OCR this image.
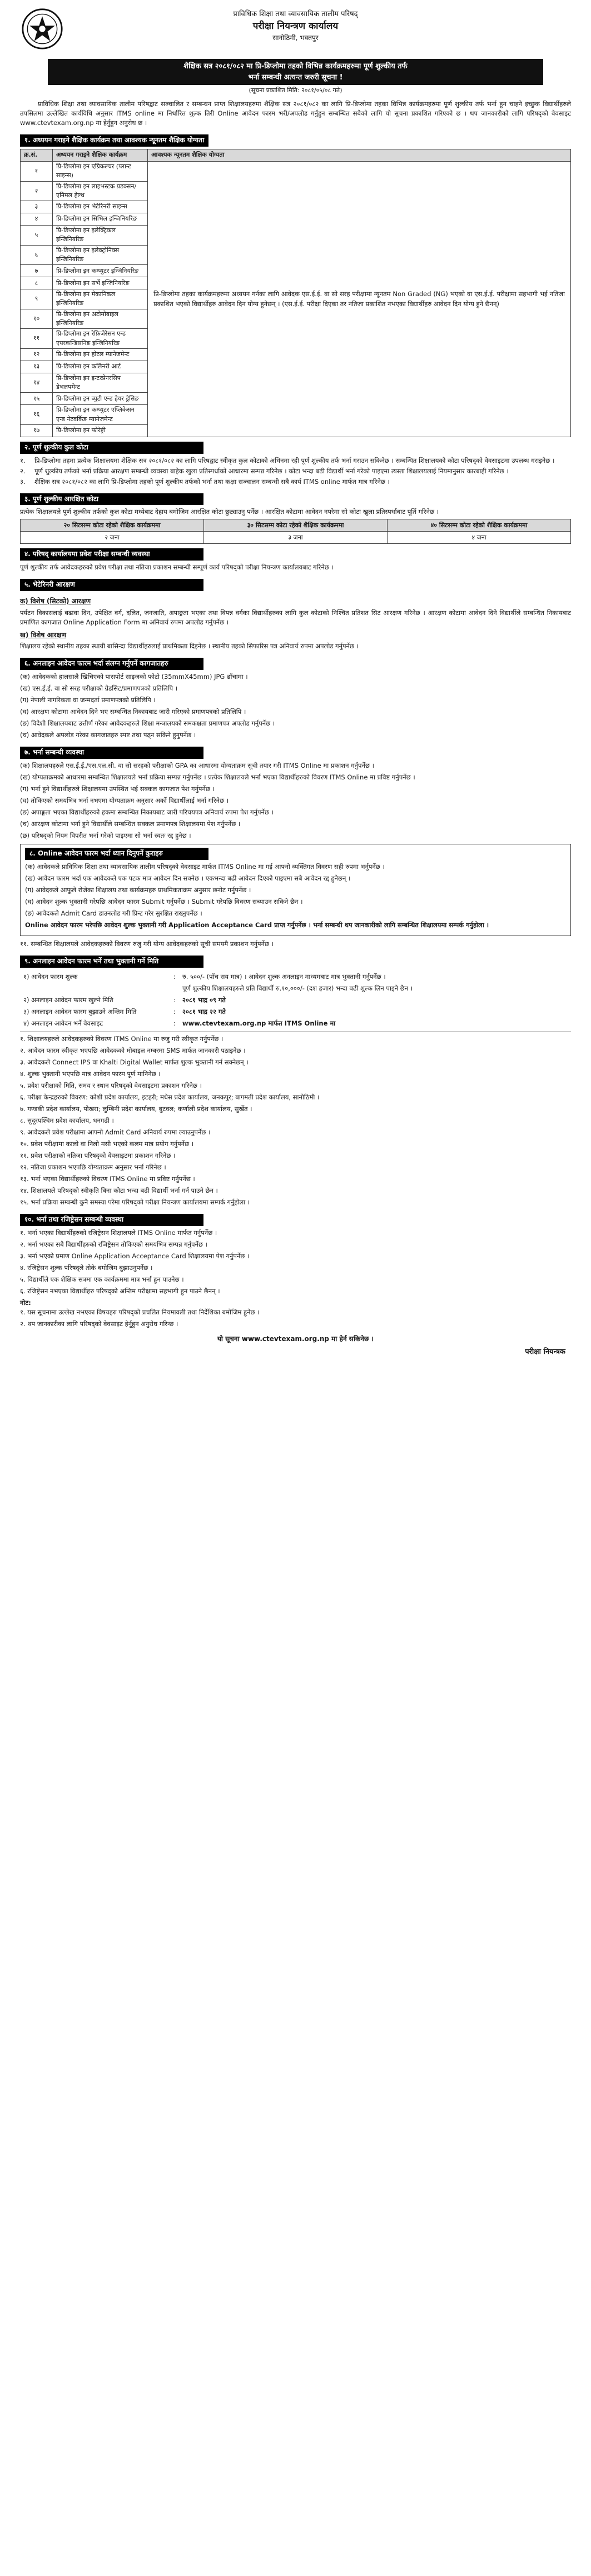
प्राविधिक शिक्षा तथा व्यावसायिक तालीम परिषद्
परीक्षा नियन्त्रण कार्यालय
सानोठिमी, भक्तपुर
शैक्षिक सत्र २०८१/०८२ मा प्रि-डिप्लोमा तहको विभिन्न कार्यक्रमहरुमा पूर्ण शुल्कीय तर्फ
भर्ना सम्बन्धी अत्यन्त जरुरी सूचना !
(सूचना प्रकाशित मिति: २०८१/०५/०८ गते)

प्राविधिक शिक्षा तथा व्यावसायिक तालीम परिषद्बाट सञ्चालित र सम्बन्धन प्राप्त शिक्षालयहरुमा शैक्षिक सत्र २०८१/०८२ का लागि प्रि-डिप्लोमा तहका विभिन्न कार्यक्रमहरुमा पूर्ण शुल्कीय तर्फ भर्ना हुन चाहने इच्छुक विद्यार्थीहरुले तपसिलमा उल्लेखित कार्यविधि अनुसार ITMS online मा निर्धारित शुल्क तिरी Online आवेदन फारम भरी/अपलोड गर्नुहुन सम्बन्धित सबैको लागि यो सूचना प्रकाशित गरिएको छ । थप जानकारीको लागि परिषद्को वेवसाइट www.ctevtexam.org.np मा हेर्नुहुन अनुरोध छ ।

१. अध्ययन गराइने शैक्षिक कार्यक्रम तथा आवश्यक न्यूनतम शैक्षिक योग्यता
क्र.सं.	अध्ययन गराइने शैक्षिक कार्यक्रम	आवश्यक न्यूनतम शैक्षिक योग्यता
१	प्रि-डिप्लोमा इन एग्रिकल्चर (प्लान्ट साइन्स)	प्रि-डिप्लोमा तहका कार्यक्रमहरुमा अध्ययन गर्नका लागि आवेदक एस.ई.ई. वा सो सरह परीक्षामा न्यूनतम Non Graded (NG) भएको वा एस.ई.ई. परीक्षामा सहभागी भई नतिजा प्रकाशित भएको विद्यार्थीहरु आवेदन दिन योग्य हुनेछन् । (एस.ई.ई. परीक्षा दिएका तर नतिजा प्रकाशित नभएका विद्यार्थीहरु आवेदन दिन योग्य हुने छैनन्)
२	प्रि-डिप्लोमा इन लाइभस्टक प्रडक्सन/एनिमल हेल्थ	
३	प्रि-डिप्लोमा इन भेटेरिनरी साइन्स	
४	प्रि-डिप्लोमा इन सिभिल इन्जिनियरिङ	
५	प्रि-डिप्लोमा इन इलेक्ट्रिकल इन्जिनियरिङ	
६	प्रि-डिप्लोमा इन इलेक्ट्रोनिक्स इन्जिनियरिङ	
७	प्रि-डिप्लोमा इन कम्प्युटर इन्जिनियरिङ	
८	प्रि-डिप्लोमा इन सर्भे इन्जिनियरिङ	
९	प्रि-डिप्लोमा इन मेकानिकल इन्जिनियरिङ	
१०	प्रि-डिप्लोमा इन अटोमोबाइल इन्जिनियरिङ	
११	प्रि-डिप्लोमा इन रेफ्रिजेरेसन एन्ड एयरकन्डिसनिङ इन्जिनियरिङ	
१२	प्रि-डिप्लोमा इन होटल म्यानेजमेन्ट	
१३	प्रि-डिप्लोमा इन कलिनरी आर्ट	
१४	प्रि-डिप्लोमा इन इन्टरप्रेनरसिप डेभलपमेन्ट	
१५	प्रि-डिप्लोमा इन ब्युटी एन्ड हेयर ड्रेसिङ	
१६	प्रि-डिप्लोमा इन कम्प्युटर एप्लिकेसन एन्ड नेटवर्किङ म्यानेजमेन्ट	
१७	प्रि-डिप्लोमा इन फोरेष्ट्री	
२. पूर्ण शुल्कीय कुल कोटा
१. प्रि-डिप्लोमा तहमा प्रत्येक शिक्षालयमा शैक्षिक सत्र २०८१/०८२ का लागि परिषद्बाट स्वीकृत कुल कोटाको अधिनमा रही पूर्ण शुल्कीय तर्फ भर्ना गराउन सकिनेछ । सम्बन्धित शिक्षालयको कोटा परिषद्को वेवसाइटमा उपलब्ध गराइनेछ ।
२. पूर्ण शुल्कीय तर्फको भर्ना प्रक्रिया आरक्षण सम्बन्धी व्यवस्था बाहेक खुला प्रतिस्पर्धाको आधारमा सम्पन्न गरिनेछ । कोटा भन्दा बढी विद्यार्थी भर्ना गरेको पाइएमा त्यस्ता शिक्षालयलाई नियमानुसार कारबाही गरिनेछ ।
३. शैक्षिक सत्र २०८१/०८२ का लागि प्रि-डिप्लोमा तहको पूर्ण शुल्कीय तर्फको भर्ना तथा कक्षा सञ्चालन सम्बन्धी सबै कार्य ITMS online मार्फत मात्र गरिनेछ ।
३. पूर्ण शुल्कीय आरक्षित कोटा

प्रत्येक शिक्षालयले पूर्ण शुल्कीय तर्फको कुल कोटा मध्येबाट देहाय बमोजिम आरक्षित कोटा छुट्याउनु पर्नेछ । आरक्षित कोटामा आवेदन नपरेमा सो कोटा खुला प्रतिस्पर्धाबाट पूर्ति गरिनेछ ।

२० सिटसम्म कोटा रहेको शैक्षिक कार्यक्रममा	३० सिटसम्म कोटा रहेको शैक्षिक कार्यक्रममा	४० सिटसम्म कोटा रहेको शैक्षिक कार्यक्रममा
२ जना	३ जना	४ जना
४. परिषद् कार्यालयमा प्रवेश परीक्षा सम्बन्धी व्यवस्था

पूर्ण शुल्कीय तर्फ आवेदकहरुको प्रवेश परीक्षा तथा नतिजा प्रकाशन सम्बन्धी सम्पूर्ण कार्य परिषद्को परीक्षा नियन्त्रण कार्यालयबाट गरिनेछ ।

५. भेटेरिनरी आरक्षण
क) विशेष (सिटको) आरक्षण

पर्यटन विकासलाई बढावा दिन, उपेक्षित वर्ग, दलित, जनजाति, अपाङ्गता भएका तथा विपन्न वर्गका विद्यार्थीहरुका लागि कुल कोटाको निश्चित प्रतिशत सिट आरक्षण गरिनेछ । आरक्षण कोटामा आवेदन दिने विद्यार्थीले सम्बन्धित निकायबाट प्रमाणित कागजात Online Application Form मा अनिवार्य रुपमा अपलोड गर्नुपर्नेछ ।

ख) विशेष आरक्षण

शिक्षालय रहेको स्थानीय तहका स्थायी बासिन्दा विद्यार्थीहरुलाई प्राथमिकता दिइनेछ । स्थानीय तहको सिफारिस पत्र अनिवार्य रुपमा अपलोड गर्नुपर्नेछ ।

६. अनलाइन आवेदन फारम भर्दा संलग्न गर्नुपर्ने कागजातहरु

(क) आवेदकको हालसालै खिचिएको पासपोर्ट साइजको फोटो (35mmX45mm) JPG ढाँचामा ।

(ख) एस.ई.ई. वा सो सरह परीक्षाको ग्रेडसिट/प्रमाणपत्रको प्रतिलिपि ।

(ग) नेपाली नागरिकता वा जन्मदर्ता प्रमाणपत्रको प्रतिलिपि ।

(घ) आरक्षण कोटामा आवेदन दिने भए सम्बन्धित निकायबाट जारी गरिएको प्रमाणपत्रको प्रतिलिपि ।

(ङ) विदेशी शिक्षालयबाट उत्तीर्ण गरेका आवेदकहरुले शिक्षा मन्त्रालयको समकक्षता प्रमाणपत्र अपलोड गर्नुपर्नेछ ।

(च) आवेदकले अपलोड गरेका कागजातहरु स्पष्ट तथा पढ्न सकिने हुनुपर्नेछ ।

७. भर्ना सम्बन्धी व्यवस्था

(क) शिक्षालयहरुले एस.ई.ई./एस.एल.सी. वा सो सरहको परीक्षाको GPA का आधारमा योग्यताक्रम सूची तयार गरी ITMS Online मा प्रकाशन गर्नुपर्नेछ ।

(ख) योग्यताक्रमको आधारमा सम्बन्धित शिक्षालयले भर्ना प्रक्रिया सम्पन्न गर्नुपर्नेछ । प्रत्येक शिक्षालयले भर्ना भएका विद्यार्थीहरुको विवरण ITMS Online मा प्रविष्ट गर्नुपर्नेछ ।

(ग) भर्ना हुने विद्यार्थीहरुले शिक्षालयमा उपस्थित भई सक्कल कागजात पेश गर्नुपर्नेछ ।

(घ) तोकिएको समयभित्र भर्ना नभएमा योग्यताक्रम अनुसार अर्को विद्यार्थीलाई भर्ना गरिनेछ ।

(ङ) अपाङ्गता भएका विद्यार्थीहरुको हकमा सम्बन्धित निकायबाट जारी परिचयपत्र अनिवार्य रुपमा पेश गर्नुपर्नेछ ।

(च) आरक्षण कोटामा भर्ना हुने विद्यार्थीले सम्बन्धित सक्कल प्रमाणपत्र शिक्षालयमा पेश गर्नुपर्नेछ ।

(छ) परिषद्को नियम विपरीत भर्ना गरेको पाइएमा सो भर्ना स्वतः रद्द हुनेछ ।

८. Online आवेदन फारम भर्दा ध्यान दिनुपर्ने कुराहरु

(क) आवेदकले प्राविधिक शिक्षा तथा व्यावसायिक तालीम परिषद्को वेवसाइट मार्फत ITMS Online मा गई आफ्नो व्यक्तिगत विवरण सही रुपमा भर्नुपर्नेछ ।

(ख) आवेदन फारम भर्दा एक आवेदकले एक पटक मात्र आवेदन दिन सक्नेछ । एकभन्दा बढी आवेदन दिएको पाइएमा सबै आवेदन रद्द हुनेछन् ।

(ग) आवेदकले आफूले रोजेका शिक्षालय तथा कार्यक्रमहरु प्राथमिकताक्रम अनुसार छनोट गर्नुपर्नेछ ।

(घ) आवेदन शुल्क भुक्तानी गरेपछि आवेदन फारम Submit गर्नुपर्नेछ । Submit गरेपछि विवरण सच्याउन सकिने छैन ।

(ङ) आवेदकले Admit Card डाउनलोड गरी प्रिन्ट गरेर सुरक्षित राख्नुपर्नेछ ।

Online आवेदन फारम भरेपछि आवेदन शुल्क भुक्तानी गरी Application Acceptance Card प्राप्त गर्नुपर्नेछ । भर्ना सम्बन्धी थप जानकारीको लागि सम्बन्धित शिक्षालयमा सम्पर्क गर्नुहोला ।

११. सम्बन्धित शिक्षालयले आवेदकहरुको विवरण रुजु गरी योग्य आवेदकहरुको सूची समयमै प्रकाशन गर्नुपर्नेछ ।

९. अनलाइन आवेदन फारम भर्ने तथा भुक्तानी गर्ने मिति
१) आवेदन फारम शुल्क	:	रु. ५००/- (पाँच सय मात्र) । आवेदन शुल्क अनलाइन माध्यमबाट मात्र भुक्तानी गर्नुपर्नेछ ।
		पूर्ण शुल्कीय शिक्षालयहरुले प्रति विद्यार्थी रु.१०,०००/- (दश हजार) भन्दा बढी शुल्क लिन पाइने छैन ।
२) अनलाइन आवेदन फारम खुल्ने मिति	:	२०८१ भाद्र ०९ गते
३) अनलाइन आवेदन फारम बुझाउने अन्तिम मिति	:	२०८१ भाद्र २२ गते
४) अनलाइन आवेदन भर्ने वेवसाइट	:	www.ctevtexam.org.np मार्फत ITMS Online मा

१. शिक्षालयहरुले आवेदकहरुको विवरण ITMS Online मा रुजु गरी स्वीकृत गर्नुपर्नेछ ।

२. आवेदन फारम स्वीकृत भएपछि आवेदकको मोबाइल नम्बरमा SMS मार्फत जानकारी पठाइनेछ ।

३. आवेदकले Connect IPS वा Khalti Digital Wallet मार्फत शुल्क भुक्तानी गर्न सक्नेछन् ।

४. शुल्क भुक्तानी भएपछि मात्र आवेदन फारम पूर्ण मानिनेछ ।

५. प्रवेश परीक्षाको मिति, समय र स्थान परिषद्को वेवसाइटमा प्रकाशन गरिनेछ ।

६. परीक्षा केन्द्रहरुको विवरण: कोशी प्रदेश कार्यालय, इटहरी; मधेस प्रदेश कार्यालय, जनकपुर; बागमती प्रदेश कार्यालय, सानोठिमी ।

७. गण्डकी प्रदेश कार्यालय, पोखरा; लुम्बिनी प्रदेश कार्यालय, बुटवल; कर्णाली प्रदेश कार्यालय, सुर्खेत ।

८. सुदूरपश्चिम प्रदेश कार्यालय, धनगढी ।

९. आवेदकले प्रवेश परीक्षामा आफ्नो Admit Card अनिवार्य रुपमा ल्याउनुपर्नेछ ।

१०. प्रवेश परीक्षामा कालो वा निलो मसी भएको कलम मात्र प्रयोग गर्नुपर्नेछ ।

११. प्रवेश परीक्षाको नतिजा परिषद्को वेवसाइटमा प्रकाशन गरिनेछ ।

१२. नतिजा प्रकाशन भएपछि योग्यताक्रम अनुसार भर्ना गरिनेछ ।

१३. भर्ना भएका विद्यार्थीहरुको विवरण ITMS Online मा प्रविष्ट गर्नुपर्नेछ ।

१४. शिक्षालयले परिषद्को स्वीकृति बिना कोटा भन्दा बढी विद्यार्थी भर्ना गर्न पाउने छैन ।

१५. भर्ना प्रक्रिया सम्बन्धी कुनै समस्या परेमा परिषद्को परीक्षा नियन्त्रण कार्यालयमा सम्पर्क गर्नुहोला ।

१०. भर्ना तथा रजिष्ट्रेसन सम्बन्धी व्यवस्था

१. भर्ना भएका विद्यार्थीहरुको रजिष्ट्रेसन शिक्षालयले ITMS Online मार्फत गर्नुपर्नेछ ।

२. भर्ना भएका सबै विद्यार्थीहरुको रजिष्ट्रेसन तोकिएको समयभित्र सम्पन्न गर्नुपर्नेछ ।

३. भर्ना भएको प्रमाण Online Application Acceptance Card शिक्षालयमा पेश गर्नुपर्नेछ ।

४. रजिष्ट्रेसन शुल्क परिषद्ले तोके बमोजिम बुझाउनुपर्नेछ ।

५. विद्यार्थीले एक शैक्षिक सत्रमा एक कार्यक्रममा मात्र भर्ना हुन पाउनेछ ।

६. रजिष्ट्रेसन नभएका विद्यार्थीहरु परिषद्को अन्तिम परीक्षामा सहभागी हुन पाउने छैनन् ।

नोट:

१. यस सूचनामा उल्लेख नभएका विषयहरु परिषद्को प्रचलित नियमावली तथा निर्देशिका बमोजिम हुनेछ ।

२. थप जानकारीका लागि परिषद्को वेवसाइट हेर्नुहुन अनुरोध गरिन्छ ।

यो सूचना www.ctevtexam.org.np मा हेर्न सकिनेछ ।
परीक्षा नियन्त्रक
